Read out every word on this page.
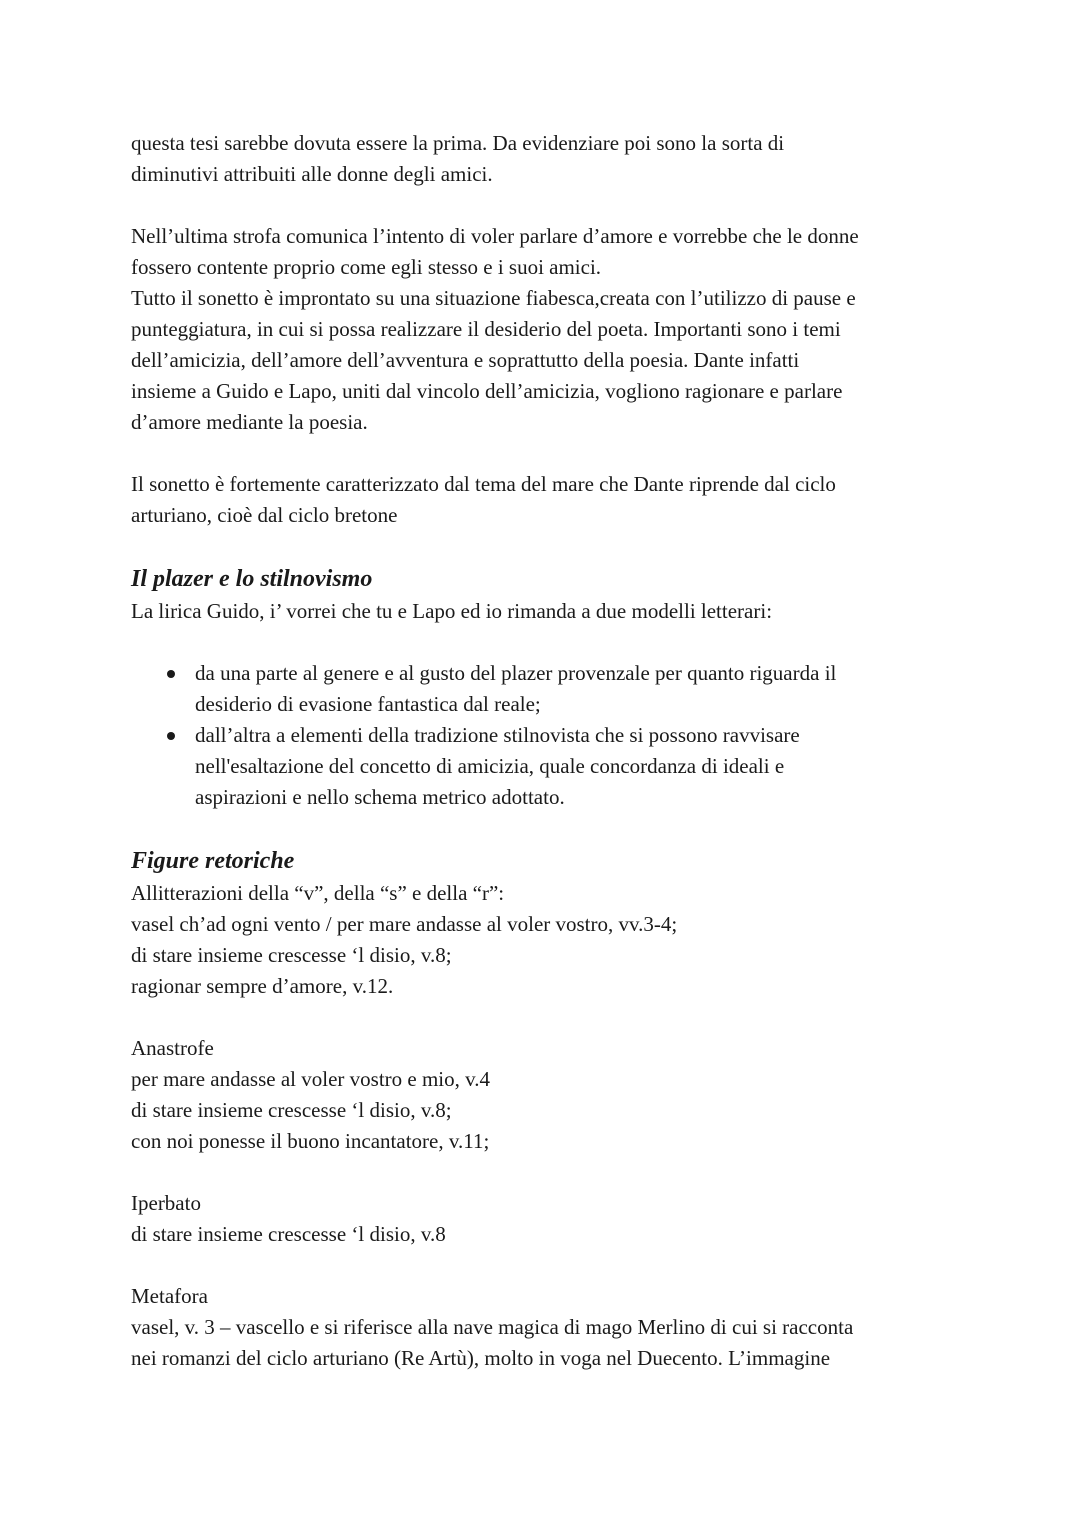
questa tesi sarebbe dovuta essere la prima. Da evidenziare poi sono la sorta di
diminutivi attribuiti alle donne degli amici.
Nell’ultima strofa comunica l’intento di voler parlare d’amore e vorrebbe che le donne
fossero contente proprio come egli stesso e i suoi amici.
Tutto il sonetto è improntato su una situazione fiabesca,creata con l’utilizzo di pause e
punteggiatura, in cui si possa realizzare il desiderio del poeta. Importanti sono i temi
dell’amicizia, dell’amore dell’avventura e soprattutto della poesia. Dante infatti
insieme a Guido e Lapo, uniti dal vincolo dell’amicizia, vogliono ragionare e parlare
d’amore mediante la poesia.
Il sonetto è fortemente caratterizzato dal tema del mare che Dante riprende dal ciclo
arturiano, cioè dal ciclo bretone
Il plazer e lo stilnovismo
La lirica Guido, i’ vorrei che tu e Lapo ed io rimanda a due modelli letterari:
da una parte al genere e al gusto del plazer provenzale per quanto riguarda il
desiderio di evasione fantastica dal reale;
dall’altra a elementi della tradizione stilnovista che si possono ravvisare
nell'esaltazione del concetto di amicizia, quale concordanza di ideali e
aspirazioni e nello schema metrico adottato.
Figure retoriche
Allitterazioni della “v”, della “s” e della “r”:
vasel ch’ad ogni vento / per mare andasse al voler vostro, vv.3-4;
di stare insieme crescesse ‘l disio, v.8;
ragionar sempre d’amore, v.12.
Anastrofe
per mare andasse al voler vostro e mio, v.4
di stare insieme crescesse ‘l disio, v.8;
con noi ponesse il buono incantatore, v.11;
Iperbato
di stare insieme crescesse ‘l disio, v.8
Metafora
vasel, v. 3 – vascello e si riferisce alla nave magica di mago Merlino di cui si racconta
nei romanzi del ciclo arturiano (Re Artù), molto in voga nel Duecento. L’immagine
